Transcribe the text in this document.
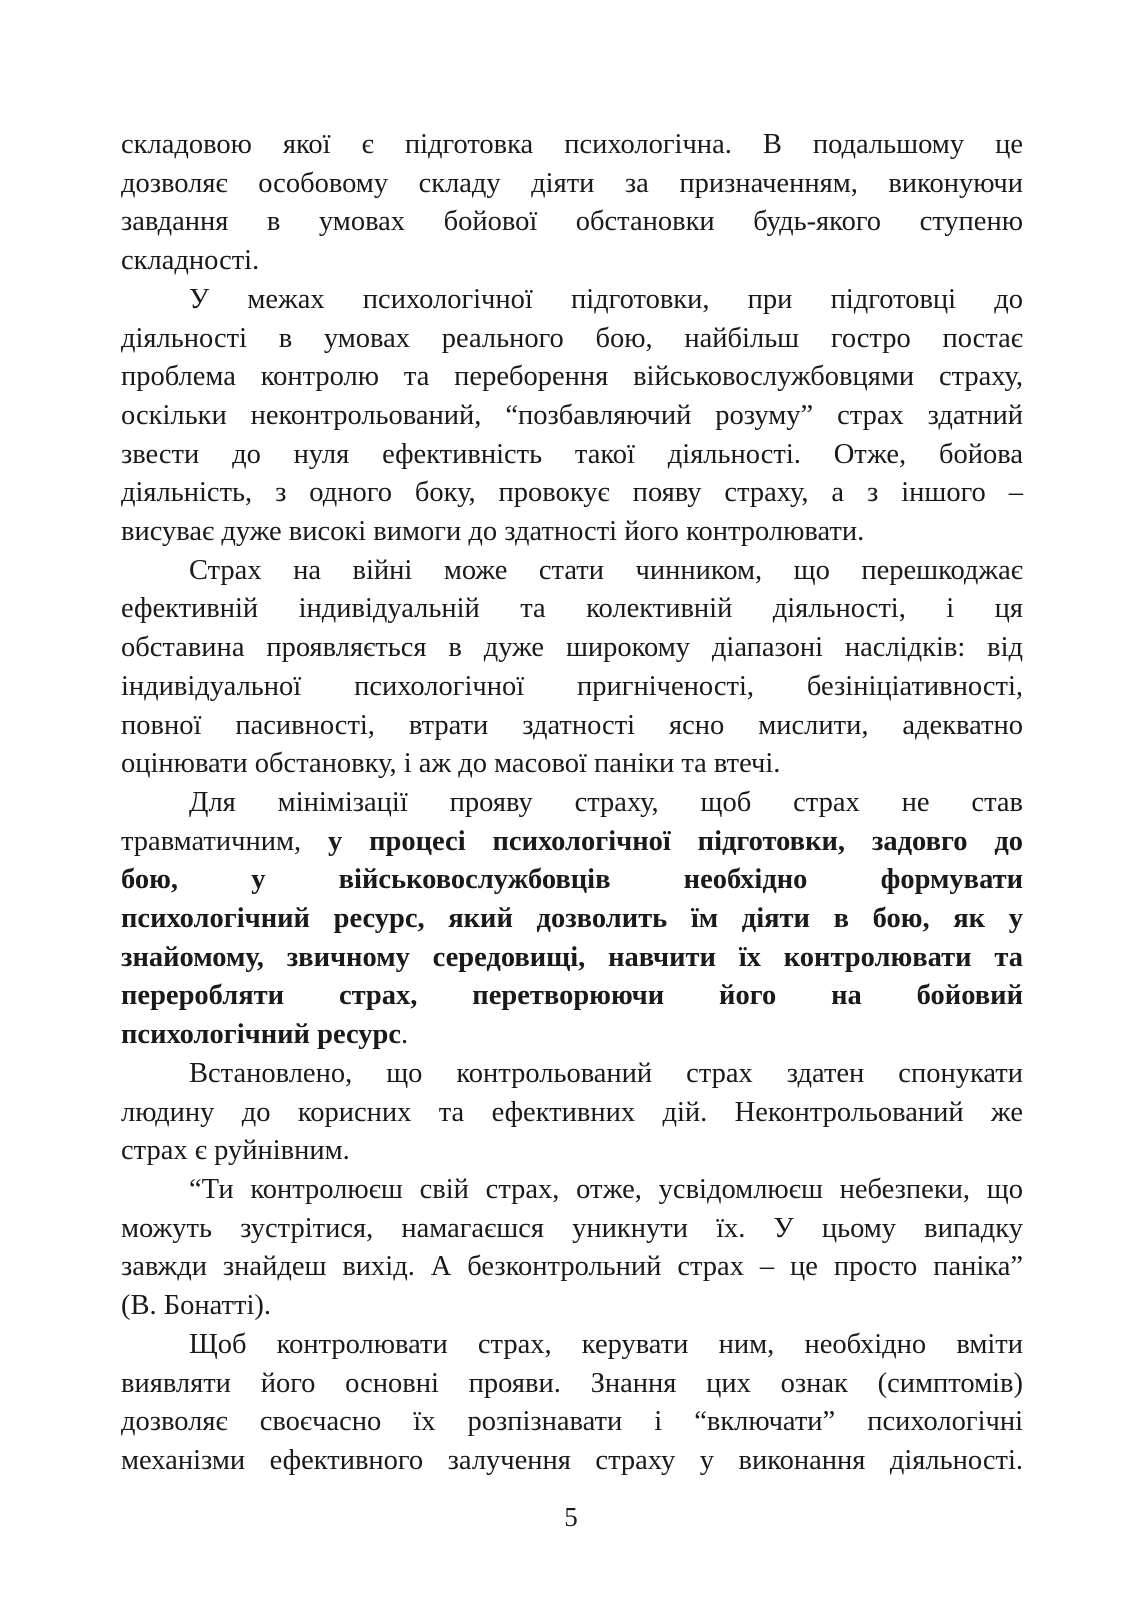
складовою якої є підготовка психологічна. В подальшому це
дозволяє особовому складу діяти за призначенням, виконуючи
завдання в умовах бойової обстановки будь-якого ступеню
складності.
У межах психологічної підготовки, при підготовці до
діяльності в умовах реального бою, найбільш гостро постає
проблема контролю та переборення військовослужбовцями страху,
оскільки неконтрольований, “позбавляючий розуму” страх здатний
звести до нуля ефективність такої діяльності. Отже, бойова
діяльність, з одного боку, провокує появу страху, а з іншого –
висуває дуже високі вимоги до здатності його контролювати.
Страх на війні може стати чинником, що перешкоджає
ефективній індивідуальній та колективній діяльності, і ця
обставина проявляється в дуже широкому діапазоні наслідків: від
індивідуальної психологічної пригніченості, безініціативності,
повної пасивності, втрати здатності ясно мислити, адекватно
оцінювати обстановку, і аж до масової паніки та втечі.
Для мінімізації прояву страху, щоб страх не став
травматичним, у процесі психологічної підготовки, задовго до
бою, у військовослужбовців необхідно формувати
психологічний ресурс, який дозволить їм діяти в бою, як у
знайомому, звичному середовищі, навчити їх контролювати та
переробляти страх, перетворюючи його на бойовий
психологічний ресурс.
Встановлено, що контрольований страх здатен спонукати
людину до корисних та ефективних дій. Неконтрольований же
страх є руйнівним.
“Ти контролюєш свій страх, отже, усвідомлюєш небезпеки, що
можуть зустрітися, намагаєшся уникнути їх. У цьому випадку
завжди знайдеш вихід. А безконтрольний страх – це просто паніка”
(В. Бонатті).
Щоб контролювати страх, керувати ним, необхідно вміти
виявляти його основні прояви. Знання цих ознак (симптомів)
дозволяє своєчасно їх розпізнавати і “включати” психологічні
механізми ефективного залучення страху у виконання діяльності.
5
